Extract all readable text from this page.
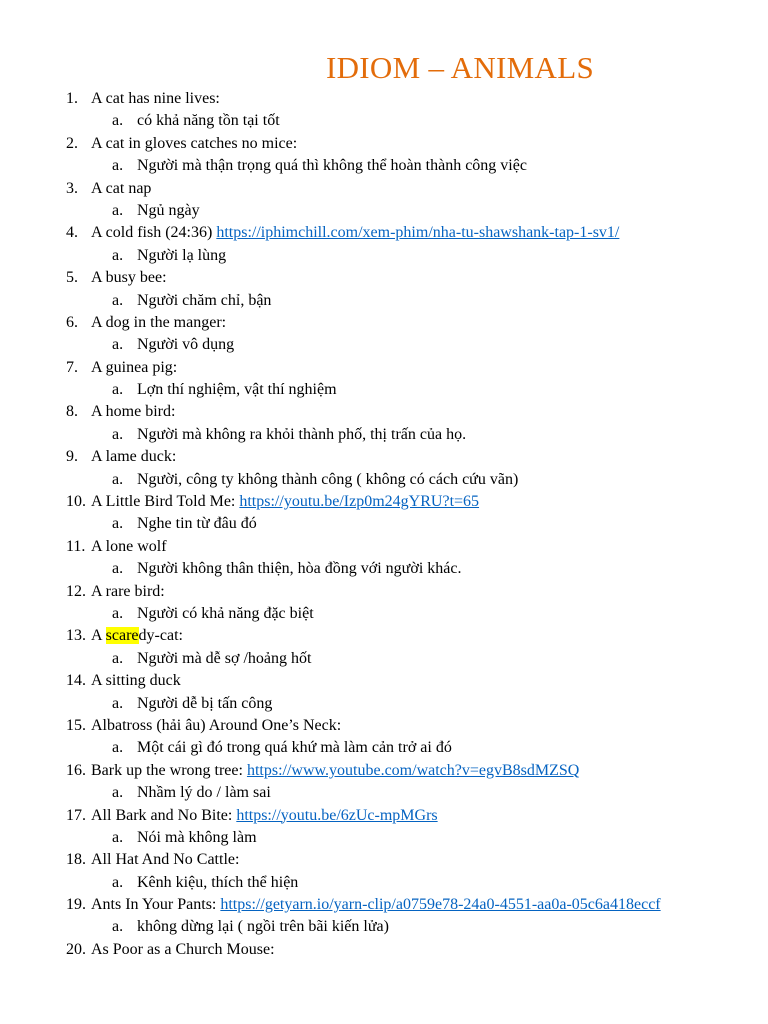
IDIOM – ANIMALS
1. A cat has nine lives:
a. có khả năng tồn tại tốt
2. A cat in gloves catches no mice:
a. Người mà thận trọng quá thì không thể hoàn thành công việc
3. A cat nap
a. Ngủ ngày
4. A cold fish (24:36) https://iphimchill.com/xem-phim/nha-tu-shawshank-tap-1-sv1/
a. Người lạ lùng
5. A busy bee:
a. Người chăm chỉ, bận
6. A dog in the manger:
a. Người vô dụng
7. A guinea pig:
a. Lợn thí nghiệm, vật thí nghiệm
8. A home bird:
a. Người mà không ra khỏi thành phố, thị trấn của họ.
9. A lame duck:
a. Người, công ty không thành công ( không có cách cứu vãn)
10. A Little Bird Told Me: https://youtu.be/Izp0m24gYRU?t=65
a. Nghe tin từ đâu đó
11. A lone wolf
a. Người không thân thiện, hòa đồng với người khác.
12. A rare bird:
a. Người có khả năng đặc biệt
13. A scaredy-cat:
a. Người mà dễ sợ /hoảng hốt
14. A sitting duck
a. Người dễ bị tấn công
15. Albatross (hải âu) Around One’s Neck:
a. Một cái gì đó trong quá khứ mà làm cản trở ai đó
16. Bark up the wrong tree: https://www.youtube.com/watch?v=egvB8sdMZSQ
a. Nhầm lý do / làm sai
17. All Bark and No Bite: https://youtu.be/6zUc-mpMGrs
a. Nói mà không làm
18. All Hat And No Cattle:
a. Kênh kiệu, thích thể hiện
19. Ants In Your Pants: https://getyarn.io/yarn-clip/a0759e78-24a0-4551-aa0a-05c6a418eccf
a. không dừng lại ( ngồi trên bãi kiến lửa)
20. As Poor as a Church Mouse:
